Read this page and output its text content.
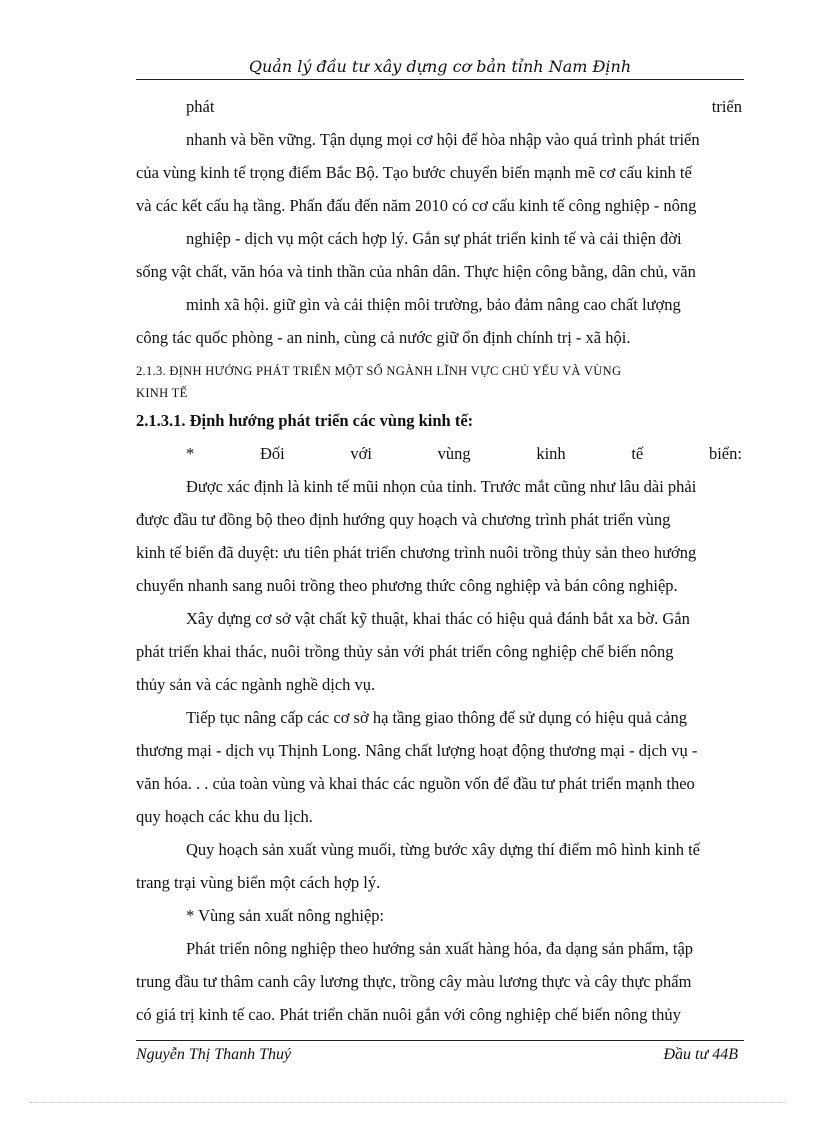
Quản lý đầu tư xây dựng cơ bản tỉnh Nam Định
phát	triển
nhanh và bền vững. Tận dụng mọi cơ hội để hòa nhập vào quá trình phát triển
của vùng kinh tế trọng điểm Bắc Bộ. Tạo bước chuyển biến mạnh mẽ cơ cấu kinh tế
và các kết cấu hạ tầng. Phấn đấu đến năm 2010 có cơ cấu kinh tế công nghiệp - nông
nghiệp - dịch vụ một cách hợp lý. Gắn sự phát triển kinh tế và cải thiện đời
sống vật chất, văn hóa và tinh thần của nhân dân. Thực hiện công bằng, dân chủ, văn
minh xã hội. giữ gìn và cải thiện môi trường, bảo đảm nâng cao chất lượng
công tác quốc phòng - an ninh, cùng cả nước giữ ổn định chính trị - xã hội.
2.1.3. ĐỊNH HƯỚNG PHÁT TRIỂN MỘT SỐ NGÀNH LĨNH VỰC CHỦ YẾU VÀ VÙNG
KINH TẾ
2.1.3.1. Định hướng phát triển các vùng kinh tế:
*	Đối	với	vùng	kinh	tế	biển:
Được xác định là kinh tế mũi nhọn của tỉnh. Trước mắt cũng như lâu dài phải
được đầu tư đồng bộ theo định hướng quy hoạch và chương trình phát triển vùng
kinh tế biển đã duyệt: ưu tiên phát triển chương trình nuôi trồng thủy sản theo hướng
chuyển nhanh sang nuôi trồng theo phương thức công nghiệp và bán công nghiệp.
Xây dựng cơ sở vật chất kỹ thuật, khai thác có hiệu quả đánh bắt xa bờ. Gắn
phát triển khai thác, nuôi trồng thủy sản với phát triển công nghiệp chế biến nông
thủy sản và các ngành nghề dịch vụ.
Tiếp tục nâng cấp các cơ sở hạ tầng giao thông để sử dụng có hiệu quả cảng
thương mại - dịch vụ Thịnh Long. Nâng chất lượng hoạt động thương mại - dịch vụ -
văn hóa. . . của toàn vùng và khai thác các nguồn vốn để đầu tư phát triển mạnh theo
quy hoạch các khu du lịch.
Quy hoạch sản xuất vùng muối, từng bước xây dựng thí điểm mô hình kinh tế
trang trại vùng biển một cách hợp lý.
* Vùng sản xuất nông nghiệp:
Phát triển nông nghiệp theo hướng sản xuất hàng hóa, đa dạng sản phẩm, tập
trung đầu tư thâm canh cây lương thực, trồng cây màu lương thực và cây thực phẩm
có giá trị kinh tế cao. Phát triển chăn nuôi gắn với công nghiệp chế biến nông thủy
Nguyễn Thị Thanh Thuý	Đầu tư 44B
